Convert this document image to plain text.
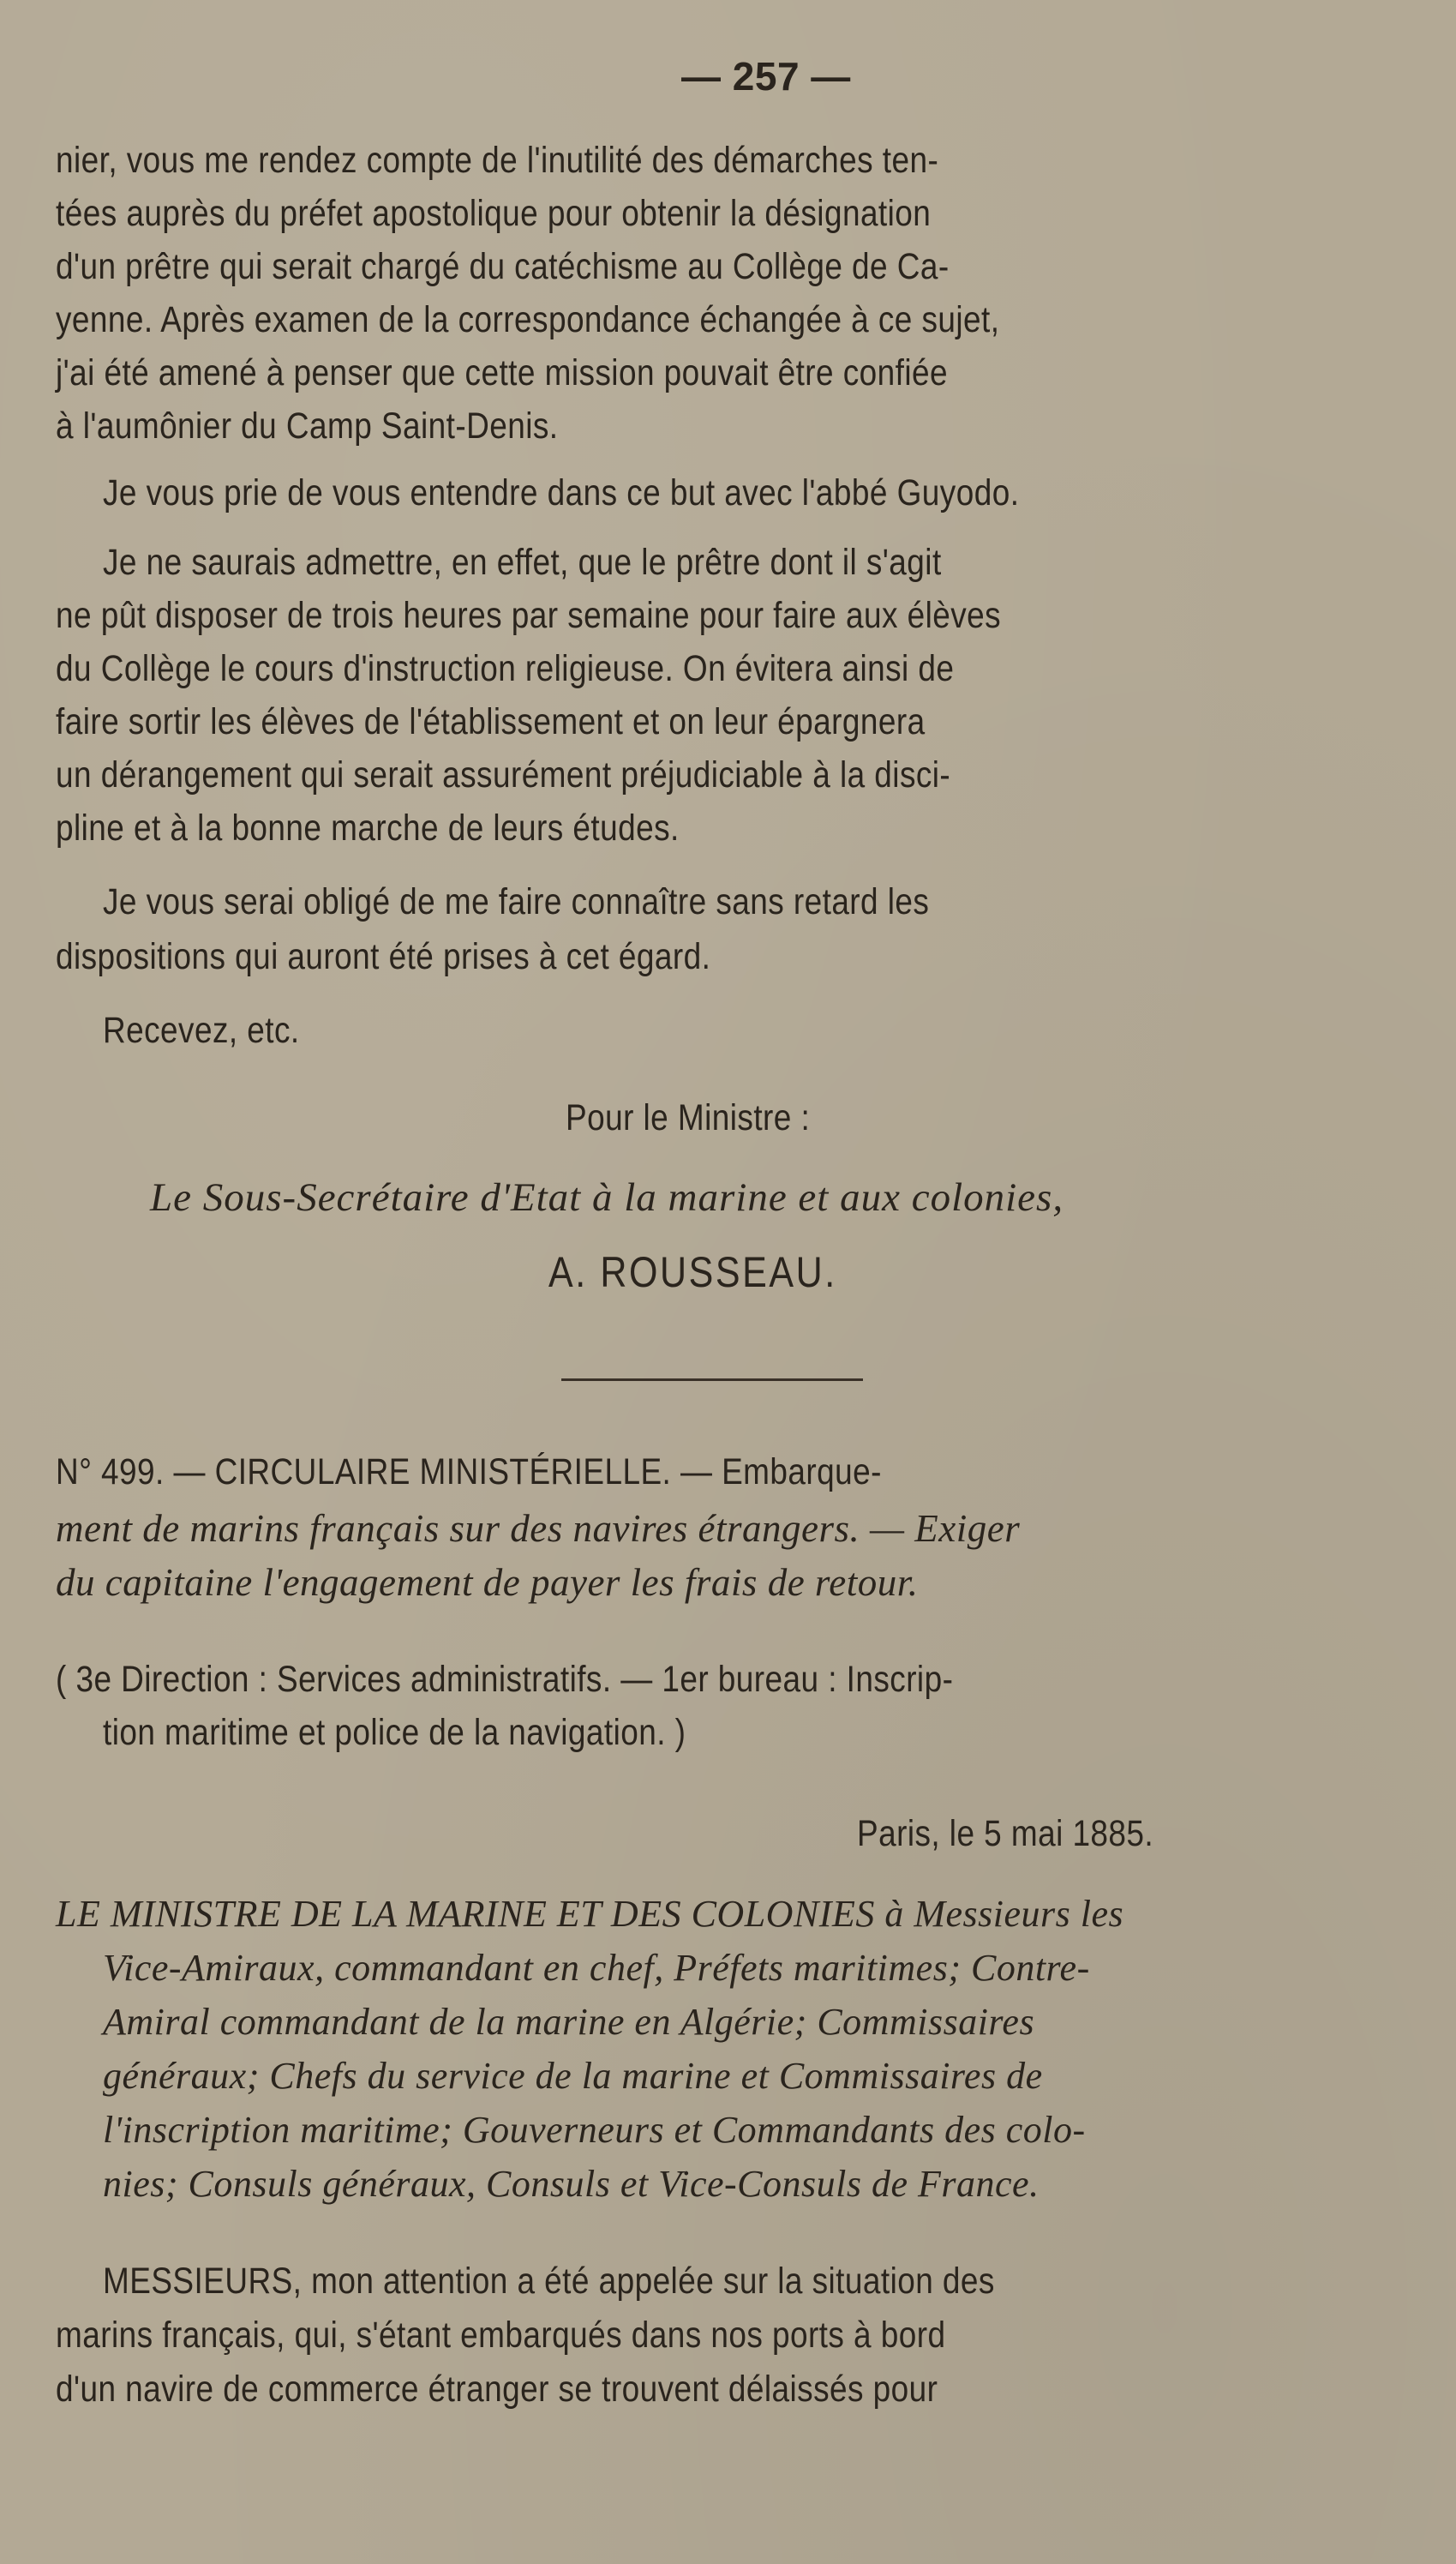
— 257 —
nier, vous me rendez compte de l'inutilité des démarches ten-
tées auprès du préfet apostolique pour obtenir la désignation
d'un prêtre qui serait chargé du catéchisme au Collège de Ca-
yenne. Après examen de la correspondance échangée à ce sujet,
j'ai été amené à penser que cette mission pouvait être confiée
à l'aumônier du Camp Saint-Denis.
Je vous prie de vous entendre dans ce but avec l'abbé Guyodo.
Je ne saurais admettre, en effet, que le prêtre dont il s'agit
ne pût disposer de trois heures par semaine pour faire aux élèves
du Collège le cours d'instruction religieuse. On évitera ainsi de
faire sortir les élèves de l'établissement et on leur épargnera
un dérangement qui serait assurément préjudiciable à la disci-
pline et à la bonne marche de leurs études.
Je vous serai obligé de me faire connaître sans retard les
dispositions qui auront été prises à cet égard.
Recevez, etc.
Pour le Ministre :
Le Sous-Secrétaire d'Etat à la marine et aux colonies,
A. ROUSSEAU.
N° 499. — CIRCULAIRE MINISTÉRIELLE. — Embarque-
ment de marins français sur des navires étrangers. — Exiger
du capitaine l'engagement de payer les frais de retour.
( 3e Direction : Services administratifs. — 1er bureau : Inscrip-
tion maritime et police de la navigation. )
Paris, le 5 mai 1885.
LE MINISTRE DE LA MARINE ET DES COLONIES à Messieurs les
Vice-Amiraux, commandant en chef, Préfets maritimes; Contre-
Amiral commandant de la marine en Algérie; Commissaires
généraux; Chefs du service de la marine et Commissaires de
l'inscription maritime; Gouverneurs et Commandants des colo-
nies; Consuls généraux, Consuls et Vice-Consuls de France.
MESSIEURS, mon attention a été appelée sur la situation des
marins français, qui, s'étant embarqués dans nos ports à bord
d'un navire de commerce étranger se trouvent délaissés pour
